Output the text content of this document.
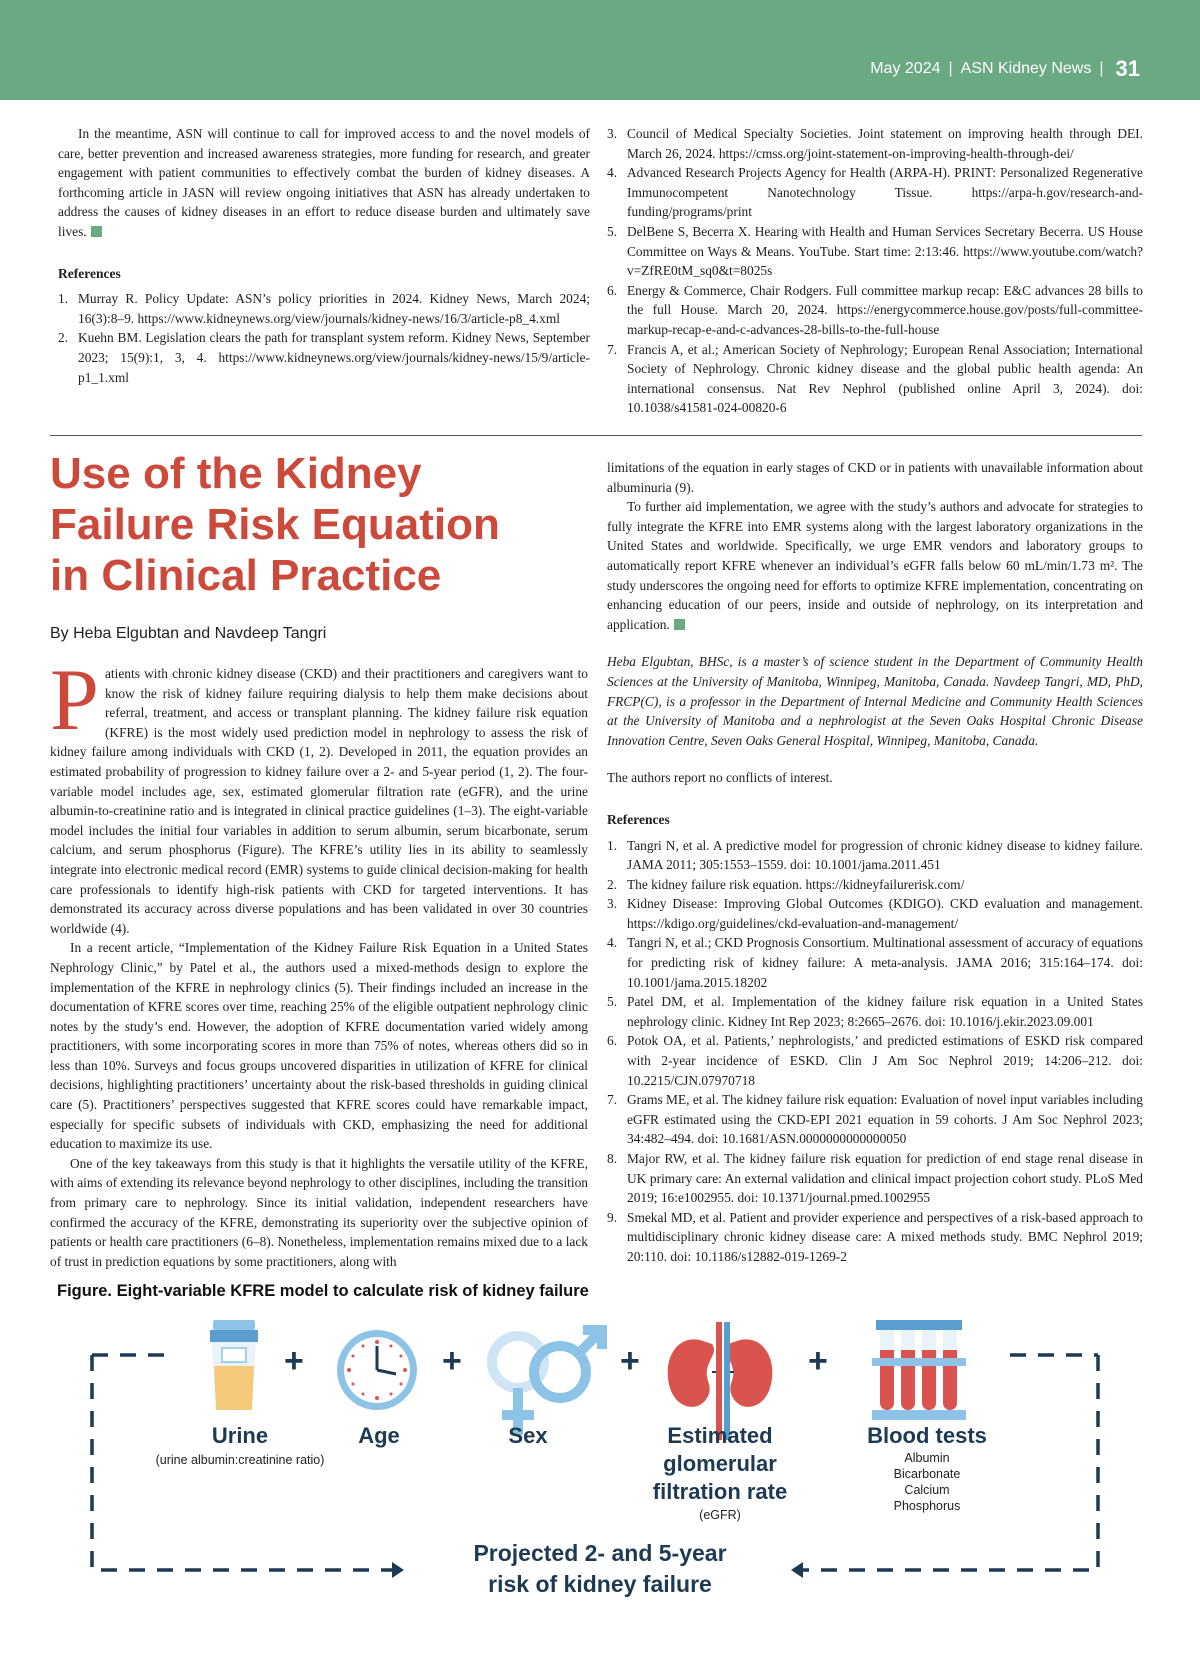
May 2024 | ASN Kidney News | 31

In the meantime, ASN will continue to call for improved access to and the novel models of care, better prevention and increased awareness strategies, more funding for research, and greater engagement with patient communities to effectively combat the burden of kidney diseases. A forthcoming article in JASN will review ongoing initiatives that ASN has already undertaken to address the causes of kidney diseases in an effort to reduce disease burden and ultimately save lives.

References
1. Murray R. Policy Update: ASN’s policy priorities in 2024. Kidney News, March 2024; 16(3):8–9. https://www.kidneynews.org/view/journals/kidney-news/16/3/article-p8_4.xml
2. Kuehn BM. Legislation clears the path for transplant system reform. Kidney News, September 2023; 15(9):1, 3, 4. https://www.kidneynews.org/view/journals/kidney-news/15/9/article-p1_1.xml
3. Council of Medical Specialty Societies. Joint statement on improving health through DEI. March 26, 2024. https://cmss.org/joint-statement-on-improving-health-through-dei/
4. Advanced Research Projects Agency for Health (ARPA-H). PRINT: Personalized Regenerative Immunocompetent Nanotechnology Tissue. https://arpa-h.gov/research-and-funding/programs/print
5. DelBene S, Becerra X. Hearing with Health and Human Services Secretary Becerra. US House Committee on Ways & Means. YouTube. Start time: 2:13:46. https://www.youtube.com/watch?v=ZfRE0tM_sq0&t=8025s
6. Energy & Commerce, Chair Rodgers. Full committee markup recap: E&C advances 28 bills to the full House. March 20, 2024. https://energycommerce.house.gov/posts/full-committee-markup-recap-e-and-c-advances-28-bills-to-the-full-house
7. Francis A, et al.; American Society of Nephrology; European Renal Association; International Society of Nephrology. Chronic kidney disease and the global public health agenda: An international consensus. Nat Rev Nephrol (published online April 3, 2024). doi: 10.1038/s41581-024-00820-6
Use of the Kidney
Failure Risk Equation
in Clinical Practice
By Heba Elgubtan and Navdeep Tangri

Patients with chronic kidney disease (CKD) and their practitioners and caregivers want to know the risk of kidney failure requiring dialysis to help them make decisions about referral, treatment, and access or transplant planning. The kidney failure risk equation (KFRE) is the most widely used prediction model in nephrology to assess the risk of kidney failure among individuals with CKD (1, 2). Developed in 2011, the equation provides an estimated probability of progression to kidney failure over a 2- and 5-year period (1, 2). The four-variable model includes age, sex, estimated glomerular filtration rate (eGFR), and the urine albumin-to-creatinine ratio and is integrated in clinical practice guidelines (1–3). The eight-variable model includes the initial four variables in addition to serum albumin, serum bicarbonate, serum calcium, and serum phosphorus (Figure). The KFRE’s utility lies in its ability to seamlessly integrate into electronic medical record (EMR) systems to guide clinical decision-making for health care professionals to identify high-risk patients with CKD for targeted interventions. It has demonstrated its accuracy across diverse populations and has been validated in over 30 countries worldwide (4).

In a recent article, “Implementation of the Kidney Failure Risk Equation in a United States Nephrology Clinic,” by Patel et al., the authors used a mixed-methods design to explore the implementation of the KFRE in nephrology clinics (5). Their findings included an increase in the documentation of KFRE scores over time, reaching 25% of the eligible outpatient nephrology clinic notes by the study’s end. However, the adoption of KFRE documentation varied widely among practitioners, with some incorporating scores in more than 75% of notes, whereas others did so in less than 10%. Surveys and focus groups uncovered disparities in utilization of KFRE for clinical decisions, highlighting practitioners’ uncertainty about the risk-based thresholds in guiding clinical care (5). Practitioners’ perspectives suggested that KFRE scores could have remarkable impact, especially for specific subsets of individuals with CKD, emphasizing the need for additional education to maximize its use.

One of the key takeaways from this study is that it highlights the versatile utility of the KFRE, with aims of extending its relevance beyond nephrology to other disciplines, including the transition from primary care to nephrology. Since its initial validation, independent researchers have confirmed the accuracy of the KFRE, demonstrating its superiority over the subjective opinion of patients or health care practitioners (6–8). Nonetheless, implementation remains mixed due to a lack of trust in prediction equations by some practitioners, along with

limitations of the equation in early stages of CKD or in patients with unavailable information about albuminuria (9).

To further aid implementation, we agree with the study’s authors and advocate for strategies to fully integrate the KFRE into EMR systems along with the largest laboratory organizations in the United States and worldwide. Specifically, we urge EMR vendors and laboratory groups to automatically report KFRE whenever an individual’s eGFR falls below 60 mL/min/1.73 m². The study underscores the ongoing need for efforts to optimize KFRE implementation, concentrating on enhancing education of our peers, inside and outside of nephrology, on its interpretation and application.

Heba Elgubtan, BHSc, is a master’s of science student in the Department of Community Health Sciences at the University of Manitoba, Winnipeg, Manitoba, Canada. Navdeep Tangri, MD, PhD, FRCP(C), is a professor in the Department of Internal Medicine and Community Health Sciences at the University of Manitoba and a nephrologist at the Seven Oaks Hospital Chronic Disease Innovation Centre, Seven Oaks General Hospital, Winnipeg, Manitoba, Canada.

The authors report no conflicts of interest.

References
1. Tangri N, et al. A predictive model for progression of chronic kidney disease to kidney failure. JAMA 2011; 305:1553–1559. doi: 10.1001/jama.2011.451
2. The kidney failure risk equation. https://kidneyfailurerisk.com/
3. Kidney Disease: Improving Global Outcomes (KDIGO). CKD evaluation and management. https://kdigo.org/guidelines/ckd-evaluation-and-management/
4. Tangri N, et al.; CKD Prognosis Consortium. Multinational assessment of accuracy of equations for predicting risk of kidney failure: A meta-analysis. JAMA 2016; 315:164–174. doi: 10.1001/jama.2015.18202
5. Patel DM, et al. Implementation of the kidney failure risk equation in a United States nephrology clinic. Kidney Int Rep 2023; 8:2665–2676. doi: 10.1016/j.ekir.2023.09.001
6. Potok OA, et al. Patients,’ nephrologists,’ and predicted estimations of ESKD risk compared with 2-year incidence of ESKD. Clin J Am Soc Nephrol 2019; 14:206–212. doi: 10.2215/CJN.07970718
7. Grams ME, et al. The kidney failure risk equation: Evaluation of novel input variables including eGFR estimated using the CKD-EPI 2021 equation in 59 cohorts. J Am Soc Nephrol 2023; 34:482–494. doi: 10.1681/ASN.0000000000000050
8. Major RW, et al. The kidney failure risk equation for prediction of end stage renal disease in UK primary care: An external validation and clinical impact projection cohort study. PLoS Med 2019; 16:e1002955. doi: 10.1371/journal.pmed.1002955
9. Smekal MD, et al. Patient and provider experience and perspectives of a risk-based approach to multidisciplinary chronic kidney disease care: A mixed methods study. BMC Nephrol 2019; 20:110. doi: 10.1186/s12882-019-1269-2
Figure. Eight-variable KFRE model to calculate risk of kidney failure
+	+	+	+
Urine
(urine albumin:creatinine ratio)
Age	Sex	Estimated
glomerular
filtration rate
(eGFR)
Blood tests
Albumin
Bicarbonate
Calcium
Phosphorus
Projected 2- and 5-year
risk of kidney failure
